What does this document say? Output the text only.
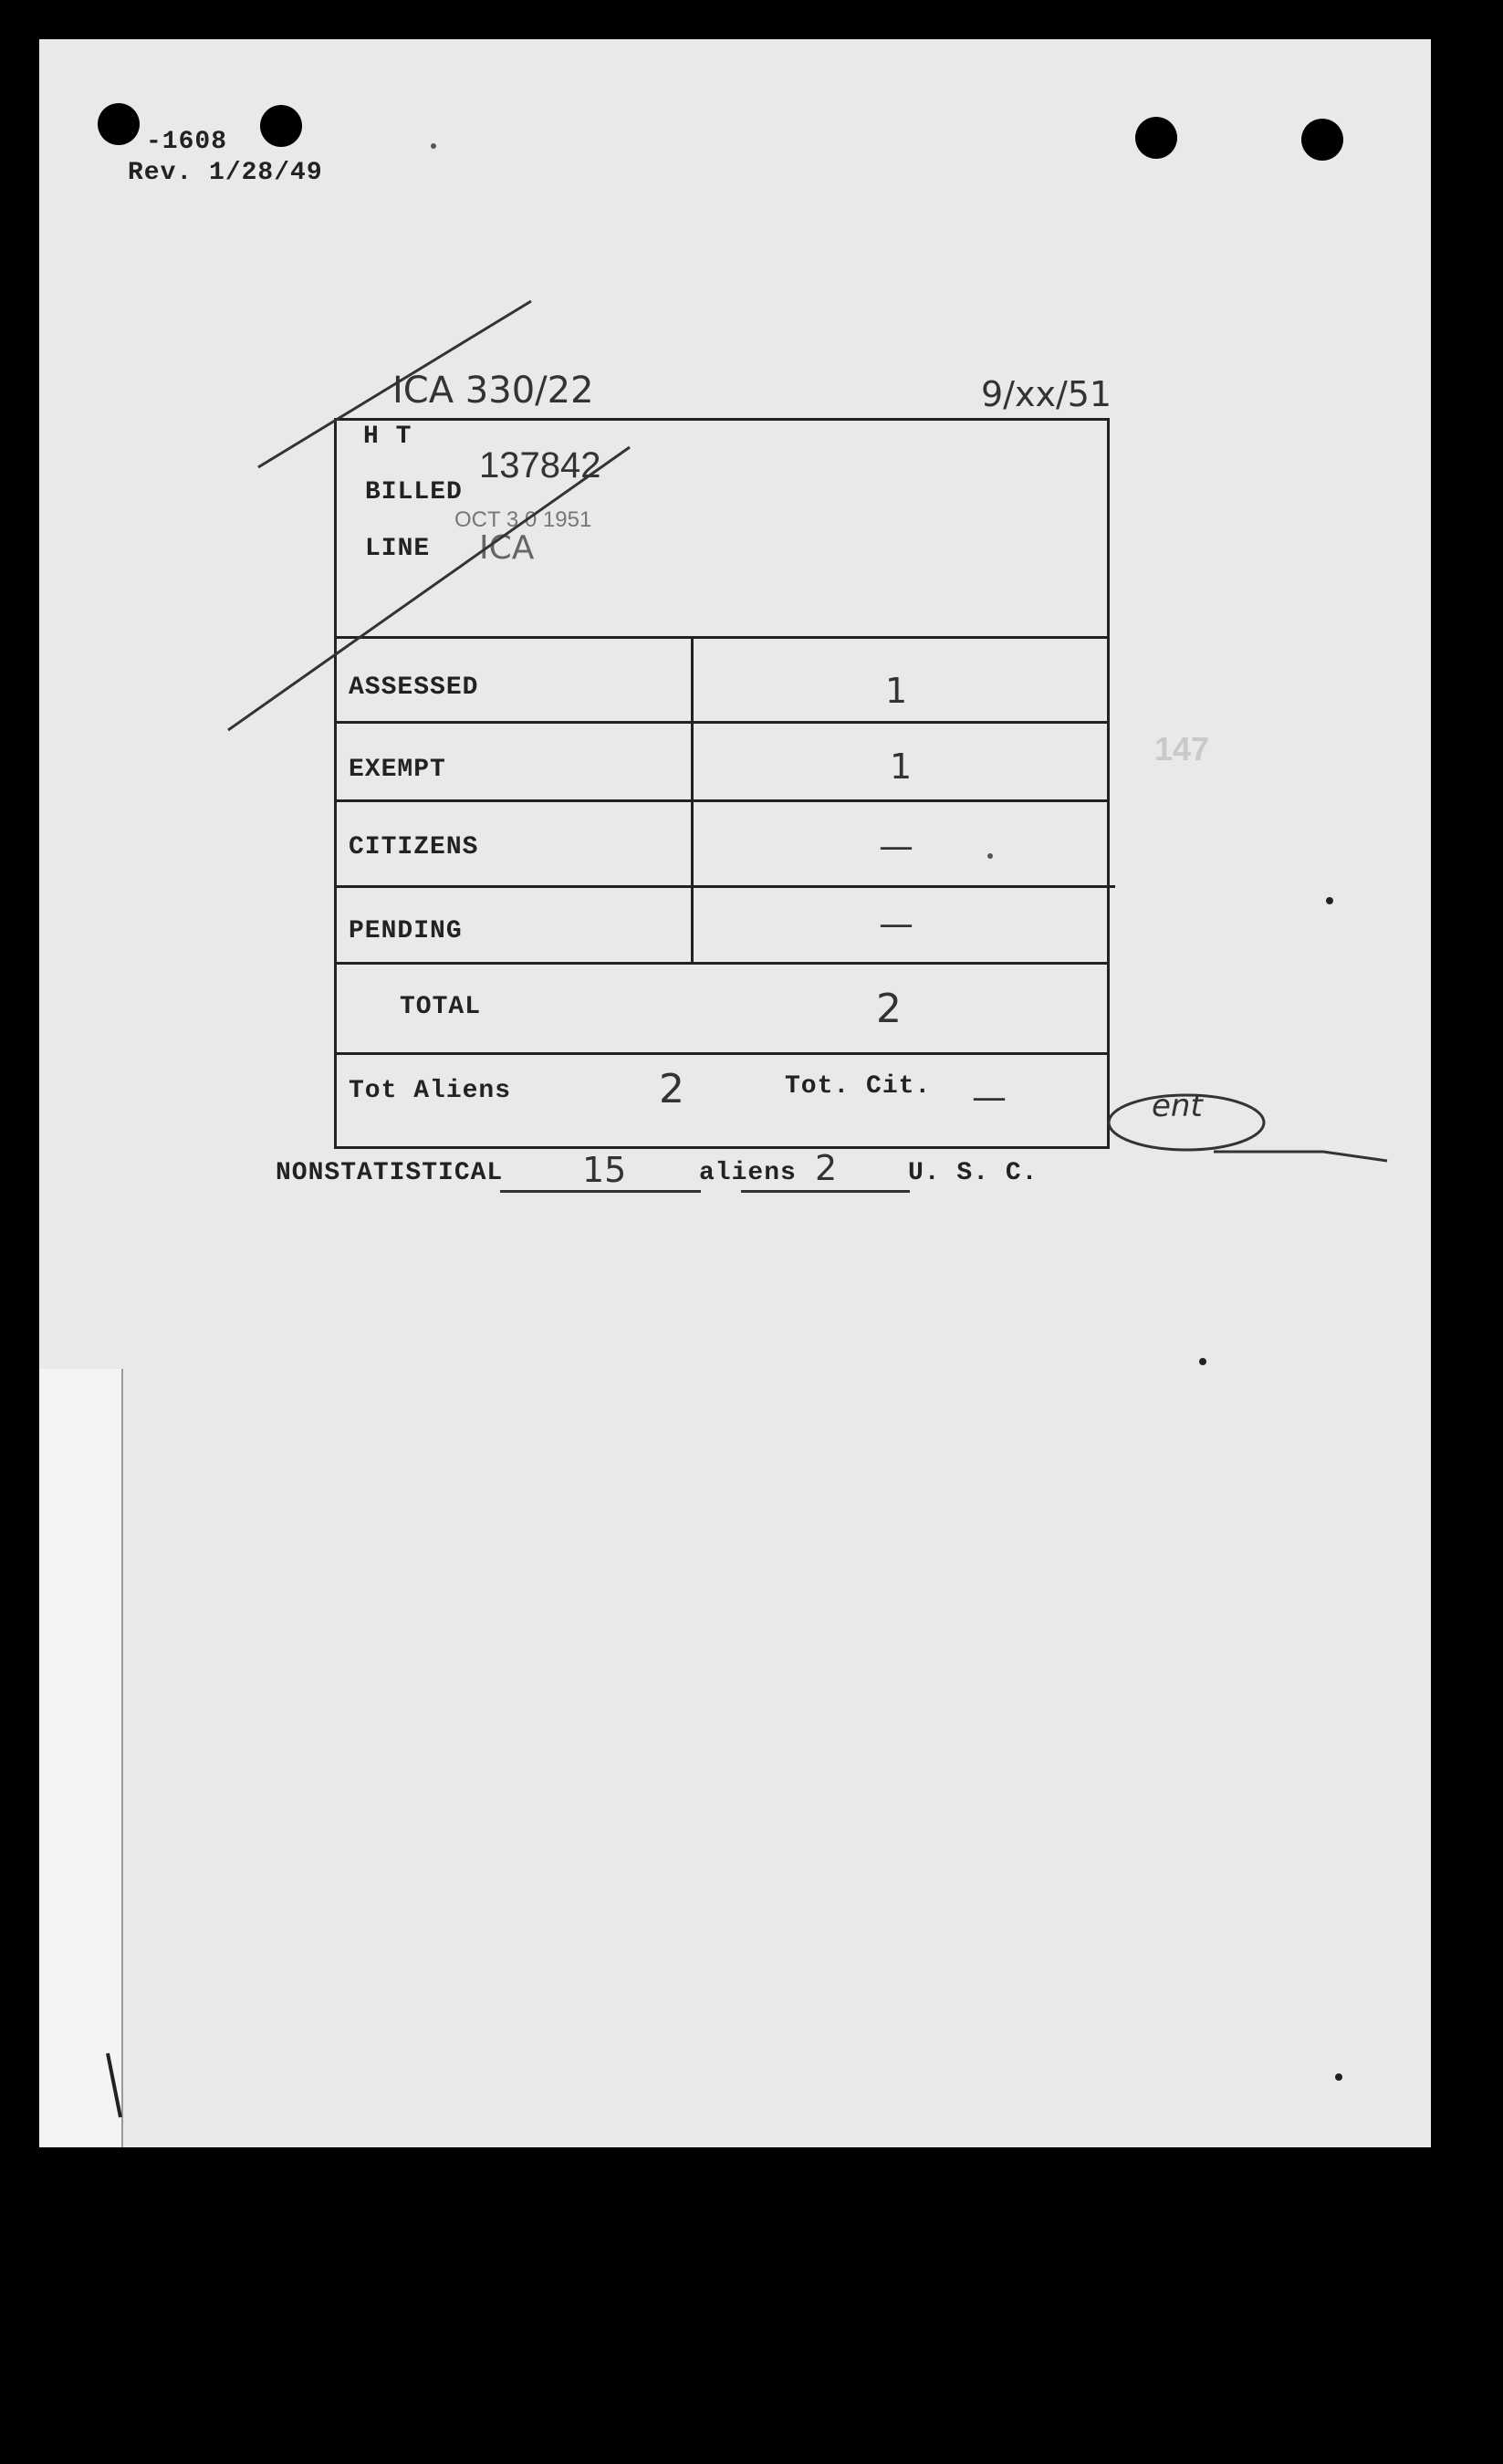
-1608
Rev. 1/28/49
ICA 330/22	9/xx/51
H T
BILLED
137842
OCT 3 0 1951
LINE ICA
ASSESSED	1
EXEMPT	1
CITIZENS	—
PENDING	—
TOTAL	2
Tot Aliens	2	Tot. Cit. —
NONSTATISTICAL 15	aliens 2	U. S. C.
147
ent
